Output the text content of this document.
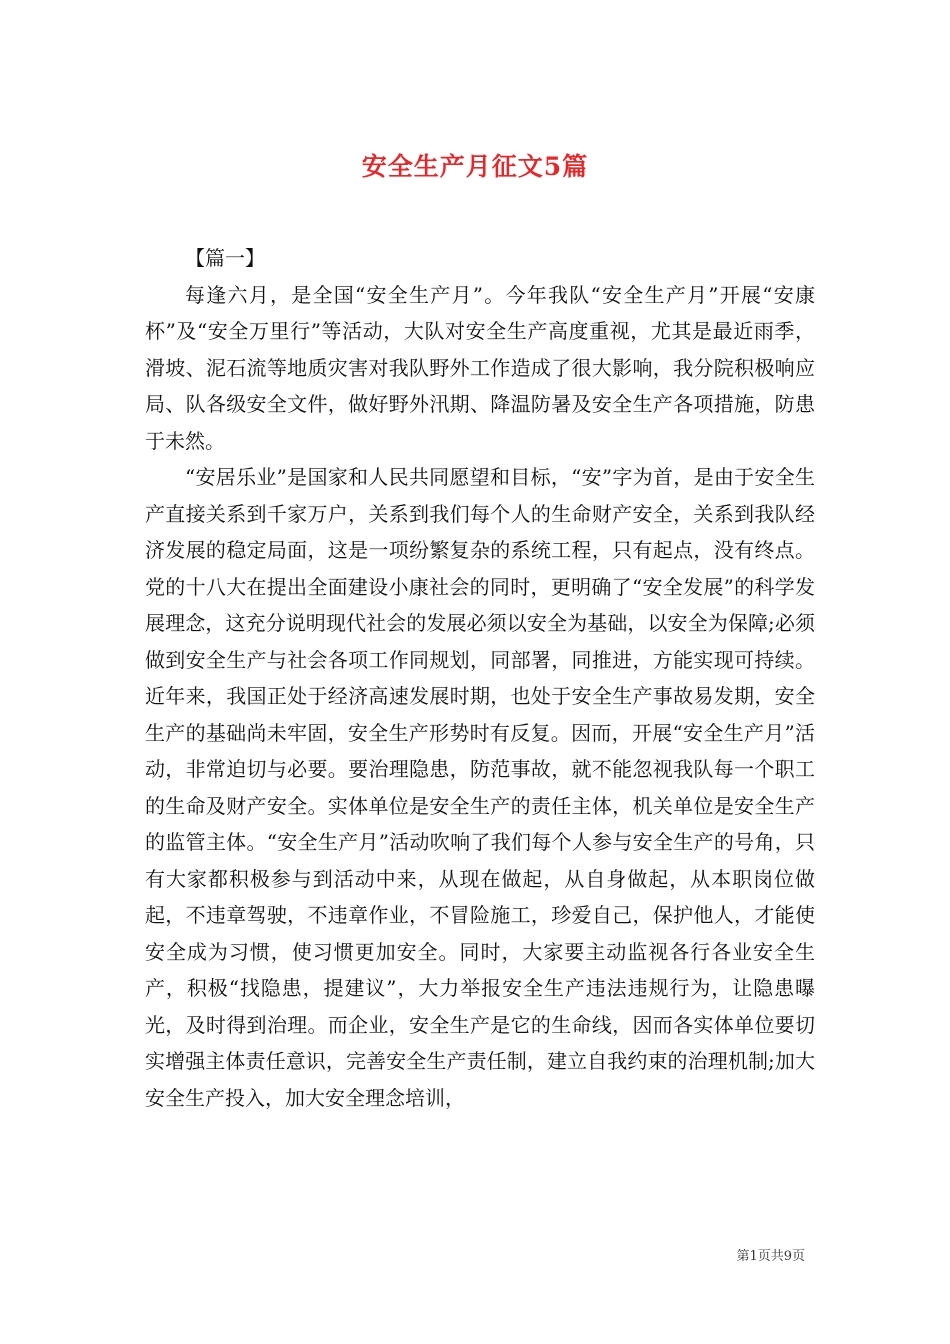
安全生产月征文5篇

【篇一】

每逢六月，是全国“安全生产月”。今年我队“安全生产月”开展“安康杯”及“安全万里行”等活动，大队对安全生产高度重视，尤其是最近雨季，滑坡、泥石流等地质灾害对我队野外工作造成了很大影响，我分院积极响应局、队各级安全文件，做好野外汛期、降温防暑及安全生产各项措施，防患于未然。

“安居乐业”是国家和人民共同愿望和目标，“安”字为首，是由于安全生产直接关系到千家万户，关系到我们每个人的生命财产安全，关系到我队经济发展的稳定局面，这是一项纷繁复杂的系统工程，只有起点，没有终点。党的十八大在提出全面建设小康社会的同时，更明确了“安全发展”的科学发展理念，这充分说明现代社会的发展必须以安全为基础，以安全为保障;必须做到安全生产与社会各项工作同规划，同部署，同推进，方能实现可持续。近年来，我国正处于经济高速发展时期，也处于安全生产事故易发期，安全生产的基础尚未牢固，安全生产形势时有反复。因而，开展“安全生产月”活动，非常迫切与必要。要治理隐患，防范事故，就不能忽视我队每一个职工的生命及财产安全。实体单位是安全生产的责任主体，机关单位是安全生产的监管主体。“安全生产月”活动吹响了我们每个人参与安全生产的号角，只有大家都积极参与到活动中来，从现在做起，从自身做起，从本职岗位做起，不违章驾驶，不违章作业，不冒险施工，珍爱自己，保护他人，才能使安全成为习惯，使习惯更加安全。同时，大家要主动监视各行各业安全生产，积极“找隐患，提建议”，大力举报安全生产违法违规行为，让隐患曝光，及时得到治理。而企业，安全生产是它的生命线，因而各实体单位要切实增强主体责任意识，完善安全生产责任制，建立自我约束的治理机制;加大安全生产投入，加大安全理念培训，

第1页共9页
